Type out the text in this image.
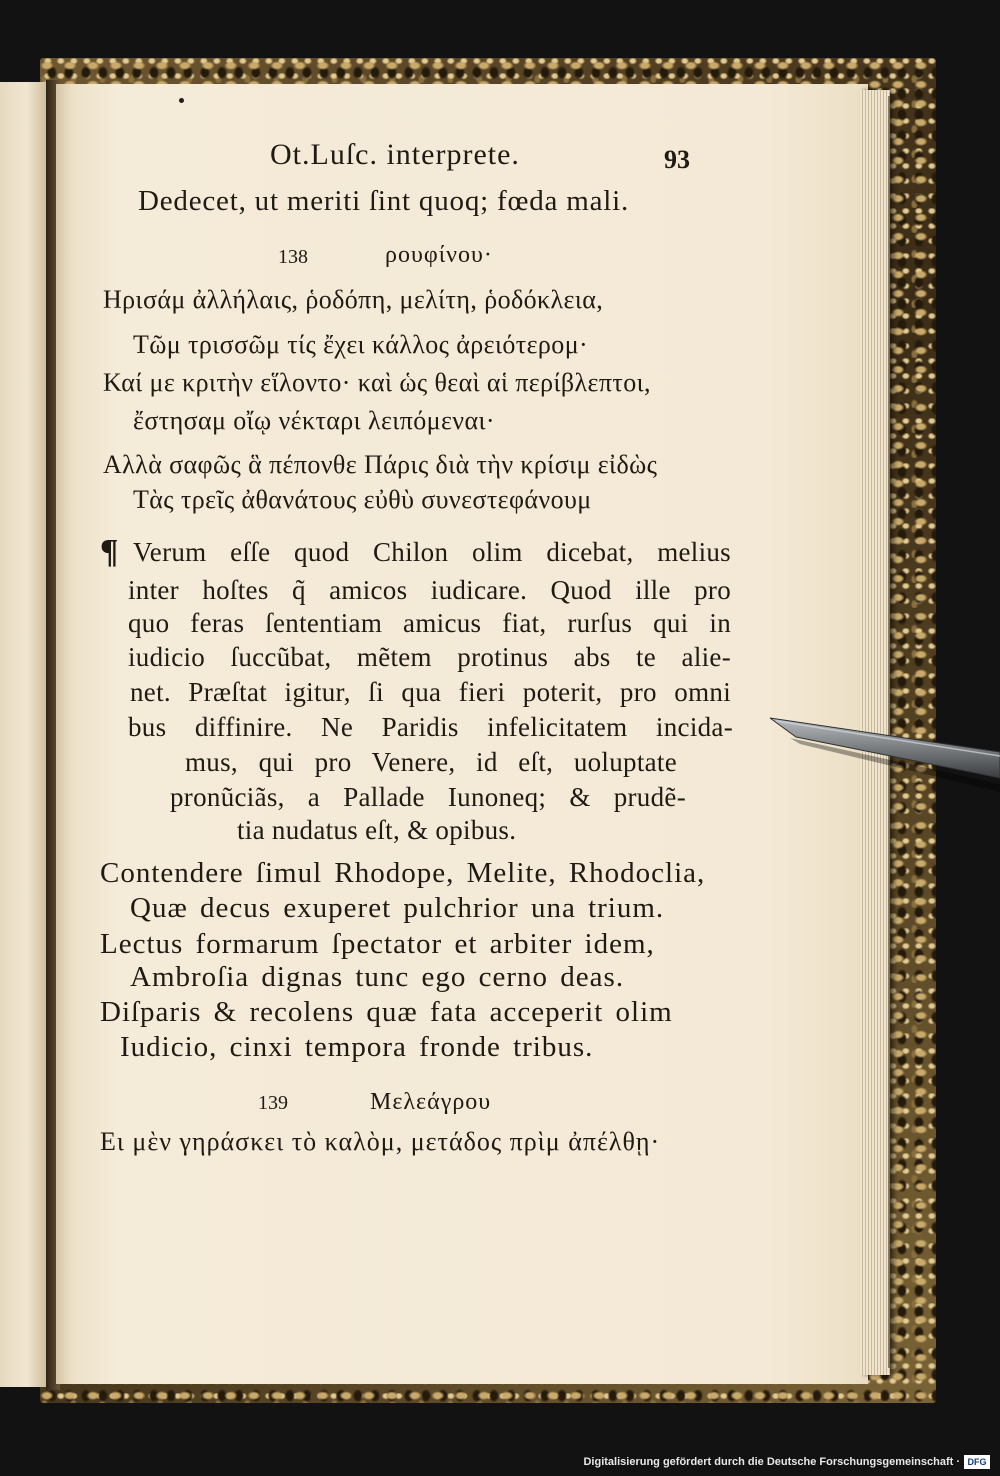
Ot.Luſc. interprete.	93
Dedecet, ut meriti ſint quoq; fœda mali.
138	ρουφίνου·
Ηρισάμ ἀλλήλαις, ῥοδόπη, μελίτη, ῥοδόκλεια,
Τῶμ τρισσῶμ τίς ἔχει κάλλος ἀρειότερομ·
Καί με κριτὴν εἵλοντο· καὶ ὡς θεαὶ αἱ περίβλεπτοι,
ἔστησαμ οἴῳ νέκταρι λειπόμεναι·
Αλλὰ σαφῶς ἃ πέπονθε Πάρις διὰ τὴν κρίσιμ εἰδὼς
Τὰς τρεῖς ἀθανάτους εὐθὺ συνεστεφάνουμ
¶ Verum eſſe quod Chilon olim dicebat, melius
inter hoſtes q̃ amicos iudicare. Quod ille pro
quo feras ſententiam amicus fiat, rurſus qui in
iudicio ſuccũbat, mẽtem protinus abs te alie-
net. Præſtat igitur, ſi qua fieri poterit, pro omni
bus diffinire. Ne Paridis infelicitatem incida-
mus, qui pro Venere, id eſt, uoluptate
pronũciãs, a Pallade Iunoneq; & prudẽ-
tia nudatus eſt, & opibus.
Contendere ſimul Rhodope, Melite, Rhodoclia,
Quæ decus exuperet pulchrior una trium.
Lectus formarum ſpectator et arbiter idem,
Ambroſia dignas tunc ego cerno deas.
Diſparis & recolens quæ fata acceperit olim
Iudicio, cinxi tempora fronde tribus.
139	Μελεάγρου
Ει μὲν γηράσκει τὸ καλὸμ, μετάδος πρὶμ ἀπέλθῃ·
Digitalisierung gefördert durch die Deutsche Forschungsgemeinschaft · DFG
